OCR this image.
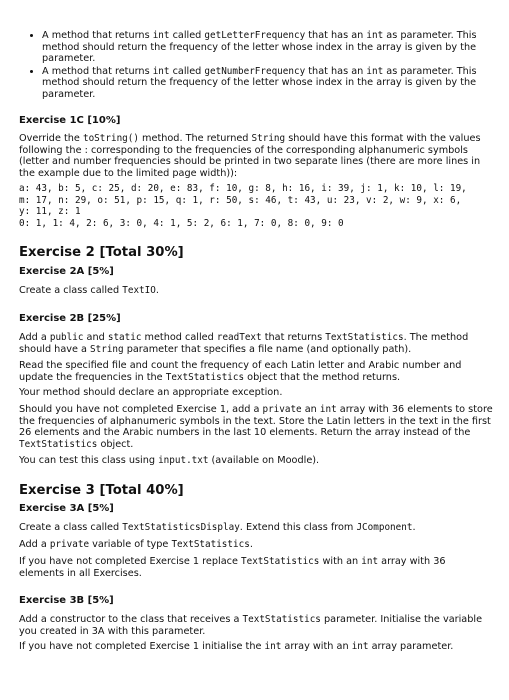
• A method that returns int called getLetterFrequency that has an int as parameter. This method should return the frequency of the letter whose index in the array is given by the parameter.
• A method that returns int called getNumberFrequency that has an int as parameter. This method should return the frequency of the letter whose index in the array is given by the parameter.
Exercise 1C [10%]

Override the toString() method. The returned String should have this format with the values following the : corresponding to the frequencies of the corresponding alphanumeric symbols (letter and number frequencies should be printed in two separate lines (there are more lines in the example due to the limited page width)):

a: 43, b: 5, c: 25, d: 20, e: 83, f: 10, g: 8, h: 16, i: 39, j: 1, k: 10, l: 19,
m: 17, n: 29, o: 51, p: 15, q: 1, r: 50, s: 46, t: 43, u: 23, v: 2, w: 9, x: 6,
y: 11, z: 1
0: 1, 1: 4, 2: 6, 3: 0, 4: 1, 5: 2, 6: 1, 7: 0, 8: 0, 9: 0
Exercise 2 [Total 30%]
Exercise 2A [5%]

Create a class called TextIO.

Exercise 2B [25%]

Add a public and static method called readText that returns TextStatistics. The method should have a String parameter that specifies a file name (and optionally path).

Read the specified file and count the frequency of each Latin letter and Arabic number and update the frequencies in the TextStatistics object that the method returns.

Your method should declare an appropriate exception.

Should you have not completed Exercise 1, add a private an int array with 36 elements to store the frequencies of alphanumeric symbols in the text. Store the Latin letters in the text in the first 26 elements and the Arabic numbers in the last 10 elements. Return the array instead of the TextStatistics object.

You can test this class using input.txt (available on Moodle).

Exercise 3 [Total 40%]
Exercise 3A [5%]

Create a class called TextStatisticsDisplay. Extend this class from JComponent.

Add a private variable of type TextStatistics.

If you have not completed Exercise 1 replace TextStatistics with an int array with 36 elements in all Exercises.

Exercise 3B [5%]

Add a constructor to the class that receives a TextStatistics parameter. Initialise the variable you created in 3A with this parameter.

If you have not completed Exercise 1 initialise the int array with an int array parameter.
